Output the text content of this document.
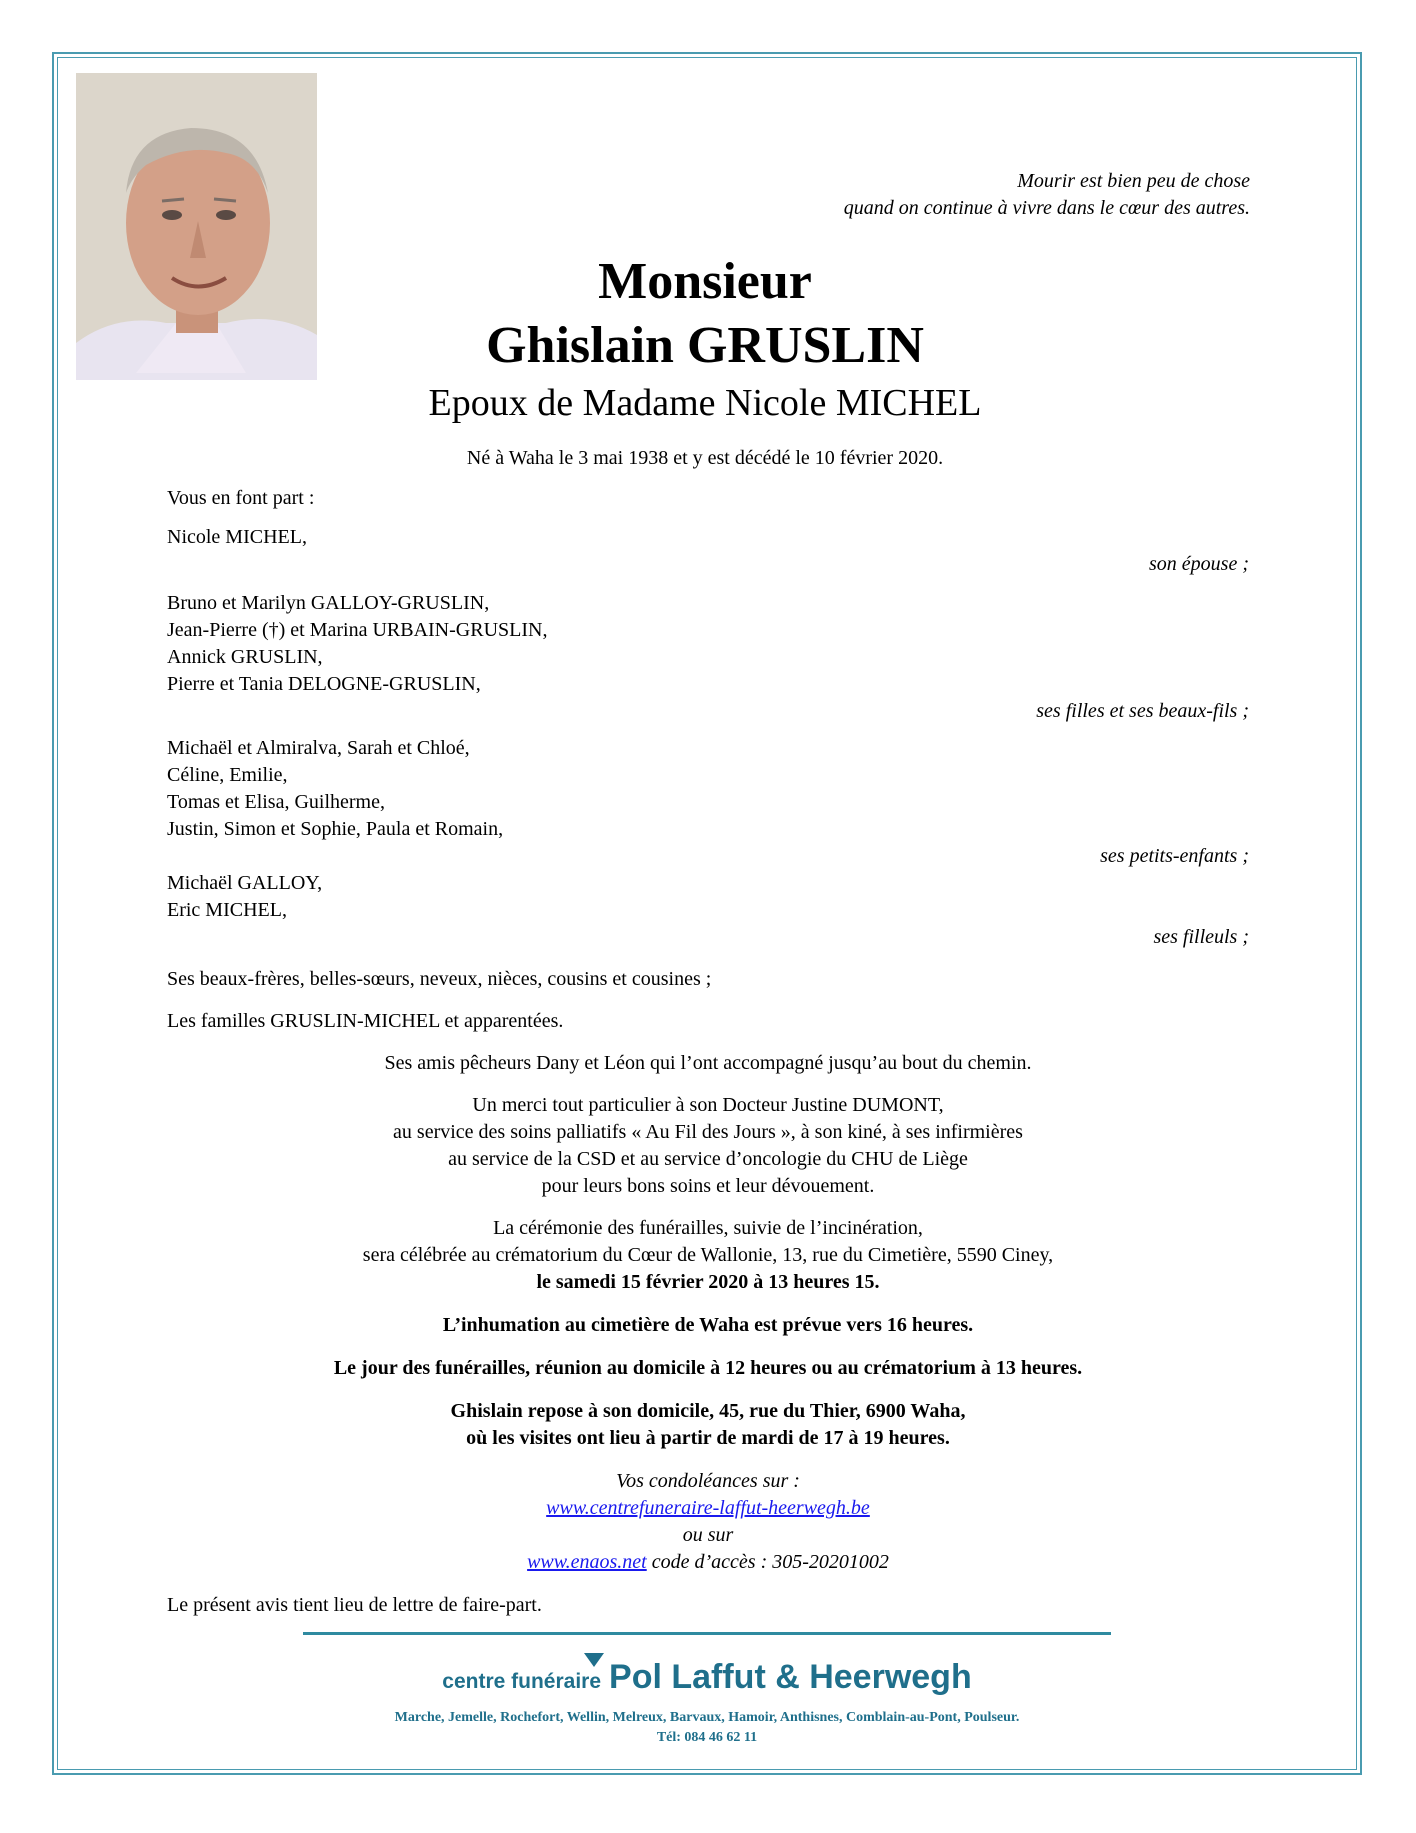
Mourir est bien peu de chose
quand on continue à vivre dans le cœur des autres.
Monsieur
Ghislain GRUSLIN
Epoux de Madame Nicole MICHEL
Né à Waha le 3 mai 1938 et y est décédé le 10 février 2020.

Vous en font part :

Nicole MICHEL,

son épouse ;

Bruno et Marilyn GALLOY-GRUSLIN,

Jean-Pierre (†) et Marina URBAIN-GRUSLIN,

Annick GRUSLIN,

Pierre et Tania DELOGNE-GRUSLIN,

ses filles et ses beaux-fils ;

Michaël et Almiralva, Sarah et Chloé,

Céline, Emilie,

Tomas et Elisa, Guilherme,

Justin, Simon et Sophie, Paula et Romain,

ses petits-enfants ;

Michaël GALLOY,

Eric MICHEL,

ses filleuls ;

Ses beaux-frères, belles-sœurs, neveux, nièces, cousins et cousines ;

Les familles GRUSLIN-MICHEL et apparentées.

Ses amis pêcheurs Dany et Léon qui l’ont accompagné jusqu’au bout du chemin.

Un merci tout particulier à son Docteur Justine DUMONT,

au service des soins palliatifs « Au Fil des Jours », à son kiné, à ses infirmières

au service de la CSD et au service d’oncologie du CHU de Liège

pour leurs bons soins et leur dévouement.

La cérémonie des funérailles, suivie de l’incinération,

sera célébrée au crématorium du Cœur de Wallonie, 13, rue du Cimetière, 5590 Ciney,

le samedi 15 février 2020 à 13 heures 15.

L’inhumation au cimetière de Waha est prévue vers 16 heures.

Le jour des funérailles, réunion au domicile à 12 heures ou au crématorium à 13 heures.

Ghislain repose à son domicile, 45, rue du Thier, 6900 Waha,

où les visites ont lieu à partir de mardi de 17 à 19 heures.

Vos condoléances sur :

www.centrefuneraire-laffut-heerwegh.be

ou sur

www.enaos.net code d’accès : 305-20201002

Le présent avis tient lieu de lettre de faire-part.

centre funéraire Pol Laffut & Heerwegh
Marche, Jemelle, Rochefort, Wellin, Melreux, Barvaux, Hamoir, Anthisnes, Comblain-au-Pont, Poulseur.
Tél: 084 46 62 11
